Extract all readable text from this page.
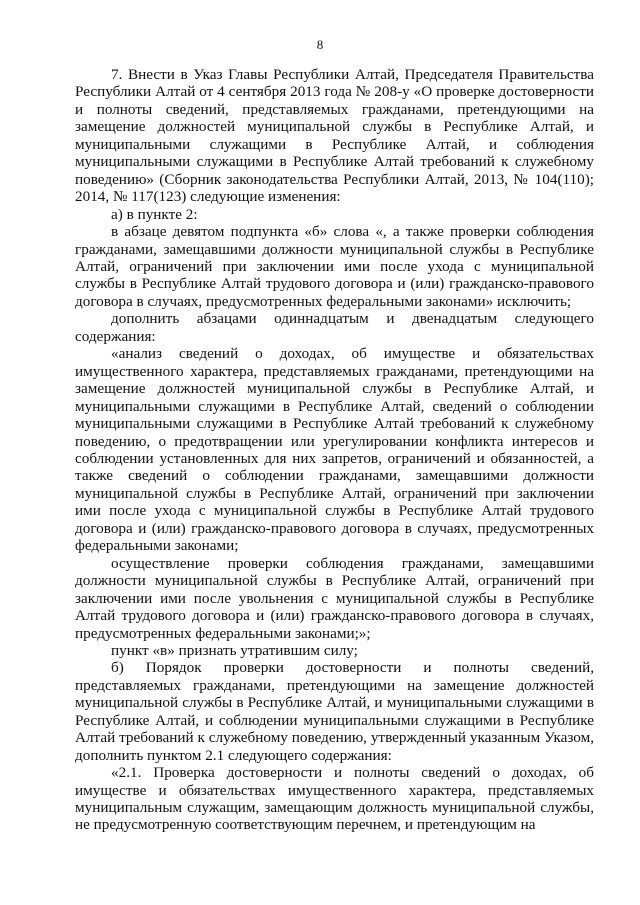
8

7. Внести в Указ Главы Республики Алтай, Председателя Правительства Республики Алтай от 4 сентября 2013 года № 208-у «О проверке достоверности и полноты сведений, представляемых гражданами, претендующими на замещение должностей муниципальной службы в Республике Алтай, и муниципальными служащими в Республике Алтай, и соблюдения муниципальными служащими в Республике Алтай требований к служебному поведению» (Сборник законодательства Республики Алтай, 2013, № 104(110); 2014, № 117(123) следующие изменения:

а) в пункте 2:

в абзаце девятом подпункта «б» слова «, а также проверки соблюдения гражданами, замещавшими должности муниципальной службы в Республике Алтай, ограничений при заключении ими после ухода с муниципальной службы в Республике Алтай трудового договора и (или) гражданско-правового договора в случаях, предусмотренных федеральными законами» исключить;

дополнить абзацами одиннадцатым и двенадцатым следующего содержания:

«анализ сведений о доходах, об имуществе и обязательствах имущественного характера, представляемых гражданами, претендующими на замещение должностей муниципальной службы в Республике Алтай, и муниципальными служащими в Республике Алтай, сведений о соблюдении муниципальными служащими в Республике Алтай требований к служебному поведению, о предотвращении или урегулировании конфликта интересов и соблюдении установленных для них запретов, ограничений и обязанностей, а также сведений о соблюдении гражданами, замещавшими должности муниципальной службы в Республике Алтай, ограничений при заключении ими после ухода с муниципальной службы в Республике Алтай трудового договора и (или) гражданско-правового договора в случаях, предусмотренных федеральными законами;

осуществление проверки соблюдения гражданами, замещавшими должности муниципальной службы в Республике Алтай, ограничений при заключении ими после увольнения с муниципальной службы в Республике Алтай трудового договора и (или) гражданско-правового договора в случаях, предусмотренных федеральными законами;»;

пункт «в» признать утратившим силу;

б) Порядок проверки достоверности и полноты сведений, представляемых гражданами, претендующими на замещение должностей муниципальной службы в Республике Алтай, и муниципальными служащими в Республике Алтай, и соблюдении муниципальными служащими в Республике Алтай требований к служебному поведению, утвержденный указанным Указом, дополнить пунктом 2.1 следующего содержания:

«2.1. Проверка достоверности и полноты сведений о доходах, об имуществе и обязательствах имущественного характера, представляемых муниципальным служащим, замещающим должность муниципальной службы, не предусмотренную соответствующим перечнем, и претендующим на
